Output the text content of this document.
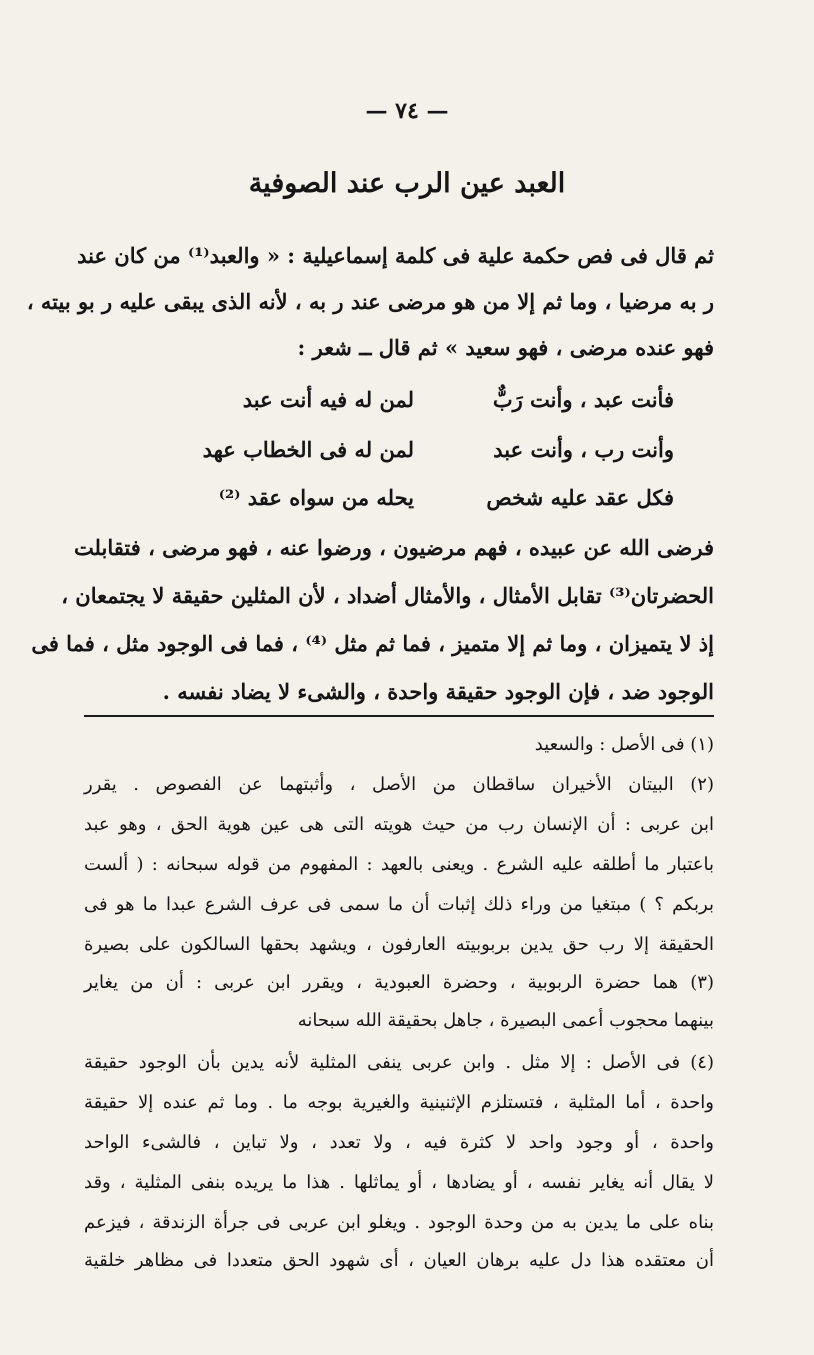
— ٧٤ —
العبد عين الرب عند الصوفية
ثم قال فى فص حكمة علية فى كلمة إسماعيلية : « والعبد⁽¹⁾ من كان عند
ر به مرضيا ، وما ثم إلا من هو مرضى عند ر به ، لأنه الذى يبقى عليه ر بو بيته ،
فهو عنده مرضى ، فهو سعيد » ثم قال ــ شعر :
فأنت عبد ، وأنت رَبٌّ
لمن له فيه أنت عبد
وأنت رب ، وأنت عبد
لمن له فى الخطاب عهد
فكل عقد عليه شخص
يحله من سواه عقد ⁽²⁾
فرضى الله عن عبيده ، فهم مرضيون ، ورضوا عنه ، فهو مرضى ، فتقابلت
الحضرتان⁽³⁾ تقابل الأمثال ، والأمثال أضداد ، لأن المثلين حقيقة لا يجتمعان ،
إذ لا يتميزان ، وما ثم إلا متميز ، فما ثم مثل ⁽⁴⁾ ، فما فى الوجود مثل ، فما فى
الوجود ضد ، فإن الوجود حقيقة واحدة ، والشىء لا يضاد نفسه .
(١) فى الأصل : والسعيد
(٢) البيتان الأخيران ساقطان من الأصل ، وأثبتهما عن الفصوص . يقرر
ابن عربى : أن الإنسان رب من حيث هويته التى هى عين هوية الحق ، وهو عبد
باعتبار ما أطلقه عليه الشرع . ويعنى بالعهد : المفهوم من قوله سبحانه : ( ألست
بربكم ؟ ) مبتغيا من وراء ذلك إثبات أن ما سمى فى عرف الشرع عبدا ما هو فى
الحقيقة إلا رب حق يدين بربوبيته العارفون ، ويشهد بحقها السالكون على بصيرة
(٣) هما حضرة الربوبية ، وحضرة العبودية ، ويقرر ابن عربى : أن من يغاير
بينهما محجوب أعمى البصيرة ، جاهل بحقيقة الله سبحانه
(٤) فى الأصل : إلا مثل . وابن عربى ينفى المثلية لأنه يدين بأن الوجود حقيقة
واحدة ، أما المثلية ، فتستلزم الإثنينية والغيرية بوجه ما . وما ثم عنده إلا حقيقة
واحدة ، أو وجود واحد لا كثرة فيه ، ولا تعدد ، ولا تباين ، فالشىء الواحد
لا يقال أنه يغاير نفسه ، أو يضادها ، أو يماثلها . هذا ما يريده بنفى المثلية ، وقد
بناه على ما يدين به من وحدة الوجود . ويغلو ابن عربى فى جرأة الزندقة ، فيزعم
أن معتقده هذا دل عليه برهان العيان ، أى شهود الحق متعددا فى مظاهر خلقية
